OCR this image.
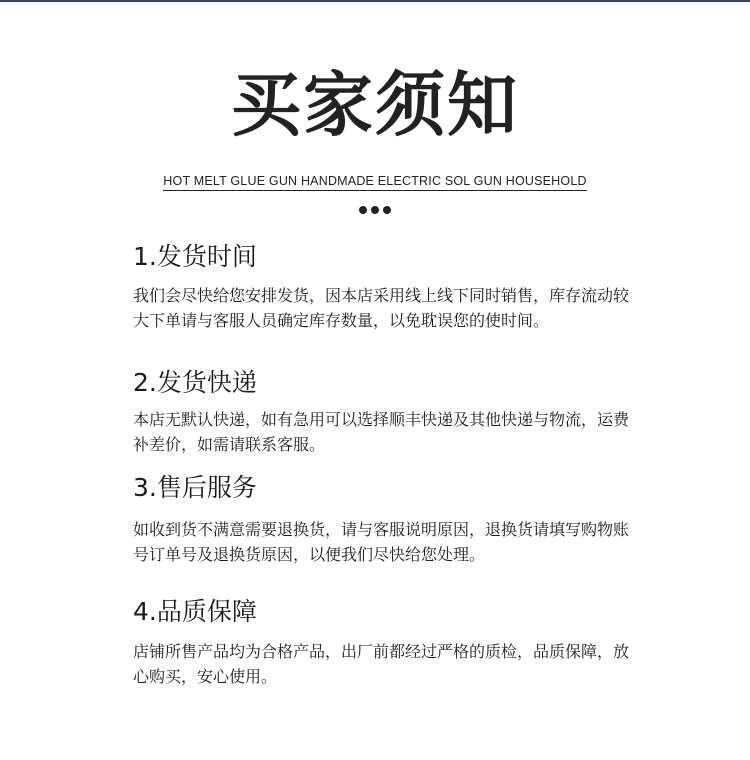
买家须知
HOT MELT GLUE GUN HANDMADE ELECTRIC SOL GUN HOUSEHOLD
1.发货时间
我们会尽快给您安排发货，因本店采用线上线下同时销售，库存流动较大下单请与客服人员确定库存数量，以免耽误您的使时间。
2.发货快递
本店无默认快递，如有急用可以选择顺丰快递及其他快递与物流，运费补差价，如需请联系客服。
3.售后服务
如收到货不满意需要退换货，请与客服说明原因，退换货请填写购物账号订单号及退换货原因，以便我们尽快给您处理。
4.品质保障
店铺所售产品均为合格产品，出厂前都经过严格的质检，品质保障，放心购买，安心使用。
